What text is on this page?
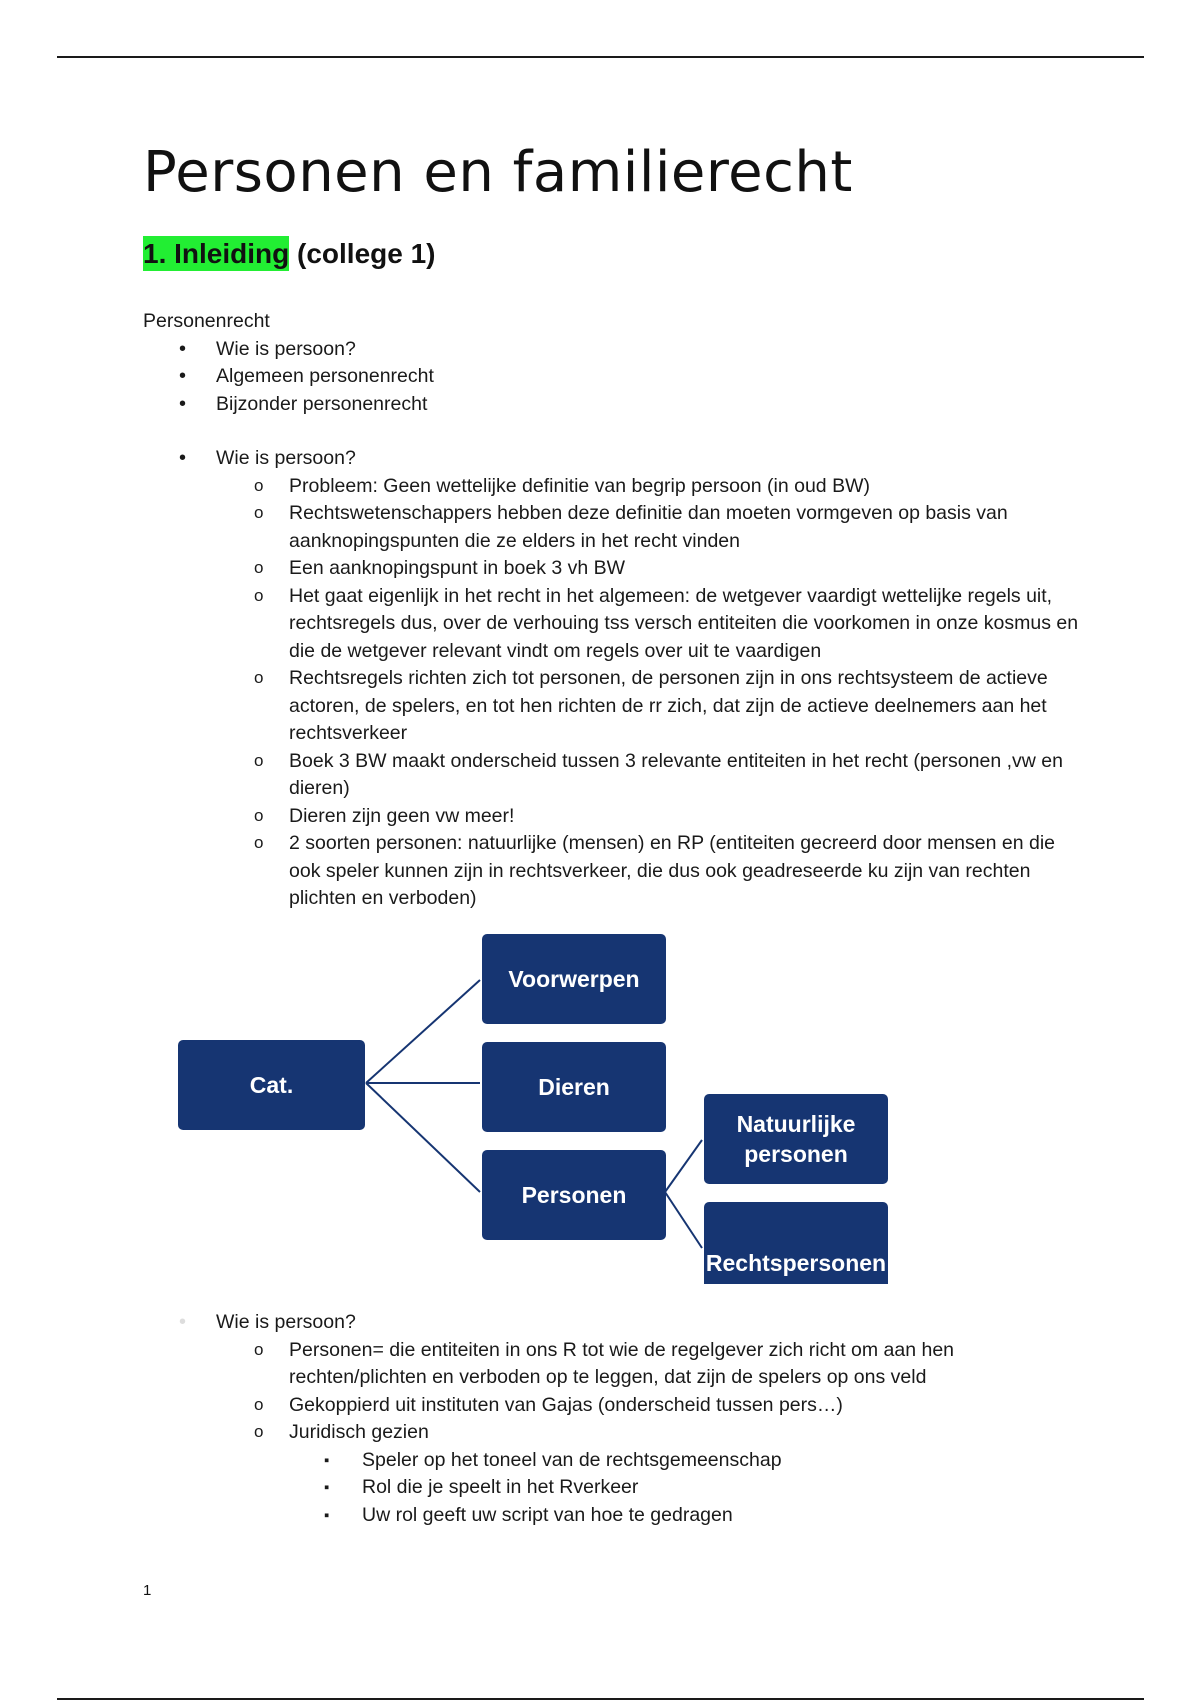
Personen en familierecht
1. Inleiding (college 1)
Personenrecht
• Wie is persoon?
• Algemeen personenrecht
• Bijzonder personenrecht
• Wie is persoon?
o Probleem: Geen wettelijke definitie van begrip persoon (in oud BW)
o Rechtswetenschappers hebben deze definitie dan moeten vormgeven op basis van aanknopingspunten die ze elders in het recht vinden
o Een aanknopingspunt in boek 3 vh BW
o Het gaat eigenlijk in het recht in het algemeen: de wetgever vaardigt wettelijke regels uit, rechtsregels dus, over de verhouing tss versch entiteiten die voorkomen in onze kosmus en die de wetgever relevant vindt om regels over uit te vaardigen
o Rechtsregels richten zich tot personen, de personen zijn in ons rechtsysteem de actieve actoren, de spelers, en tot hen richten de rr zich, dat zijn de actieve deelnemers aan het rechtsverkeer
o Boek 3 BW maakt onderscheid tussen 3 relevante entiteiten in het recht (personen ,vw en dieren)
o Dieren zijn geen vw meer!
o 2 soorten personen: natuurlijke (mensen) en RP (entiteiten gecreerd door mensen en die ook speler kunnen zijn in rechtsverkeer, die dus ook geadreseerde ku zijn van rechten plichten en verboden)
Cat.
Voorwerpen
Dieren
Personen
Natuurlijke personen
Rechtspersonen
• Wie is persoon?
o Personen= die entiteiten in ons R tot wie de regelgever zich richt om aan hen rechten/plichten en verboden op te leggen, dat zijn de spelers op ons veld
o Gekoppierd uit instituten van Gajas (onderscheid tussen pers…)
o Juridisch gezien
▪ Speler op het toneel van de rechtsgemeenschap
▪ Rol die je speelt in het Rverkeer
▪ Uw rol geeft uw script van hoe te gedragen
1
